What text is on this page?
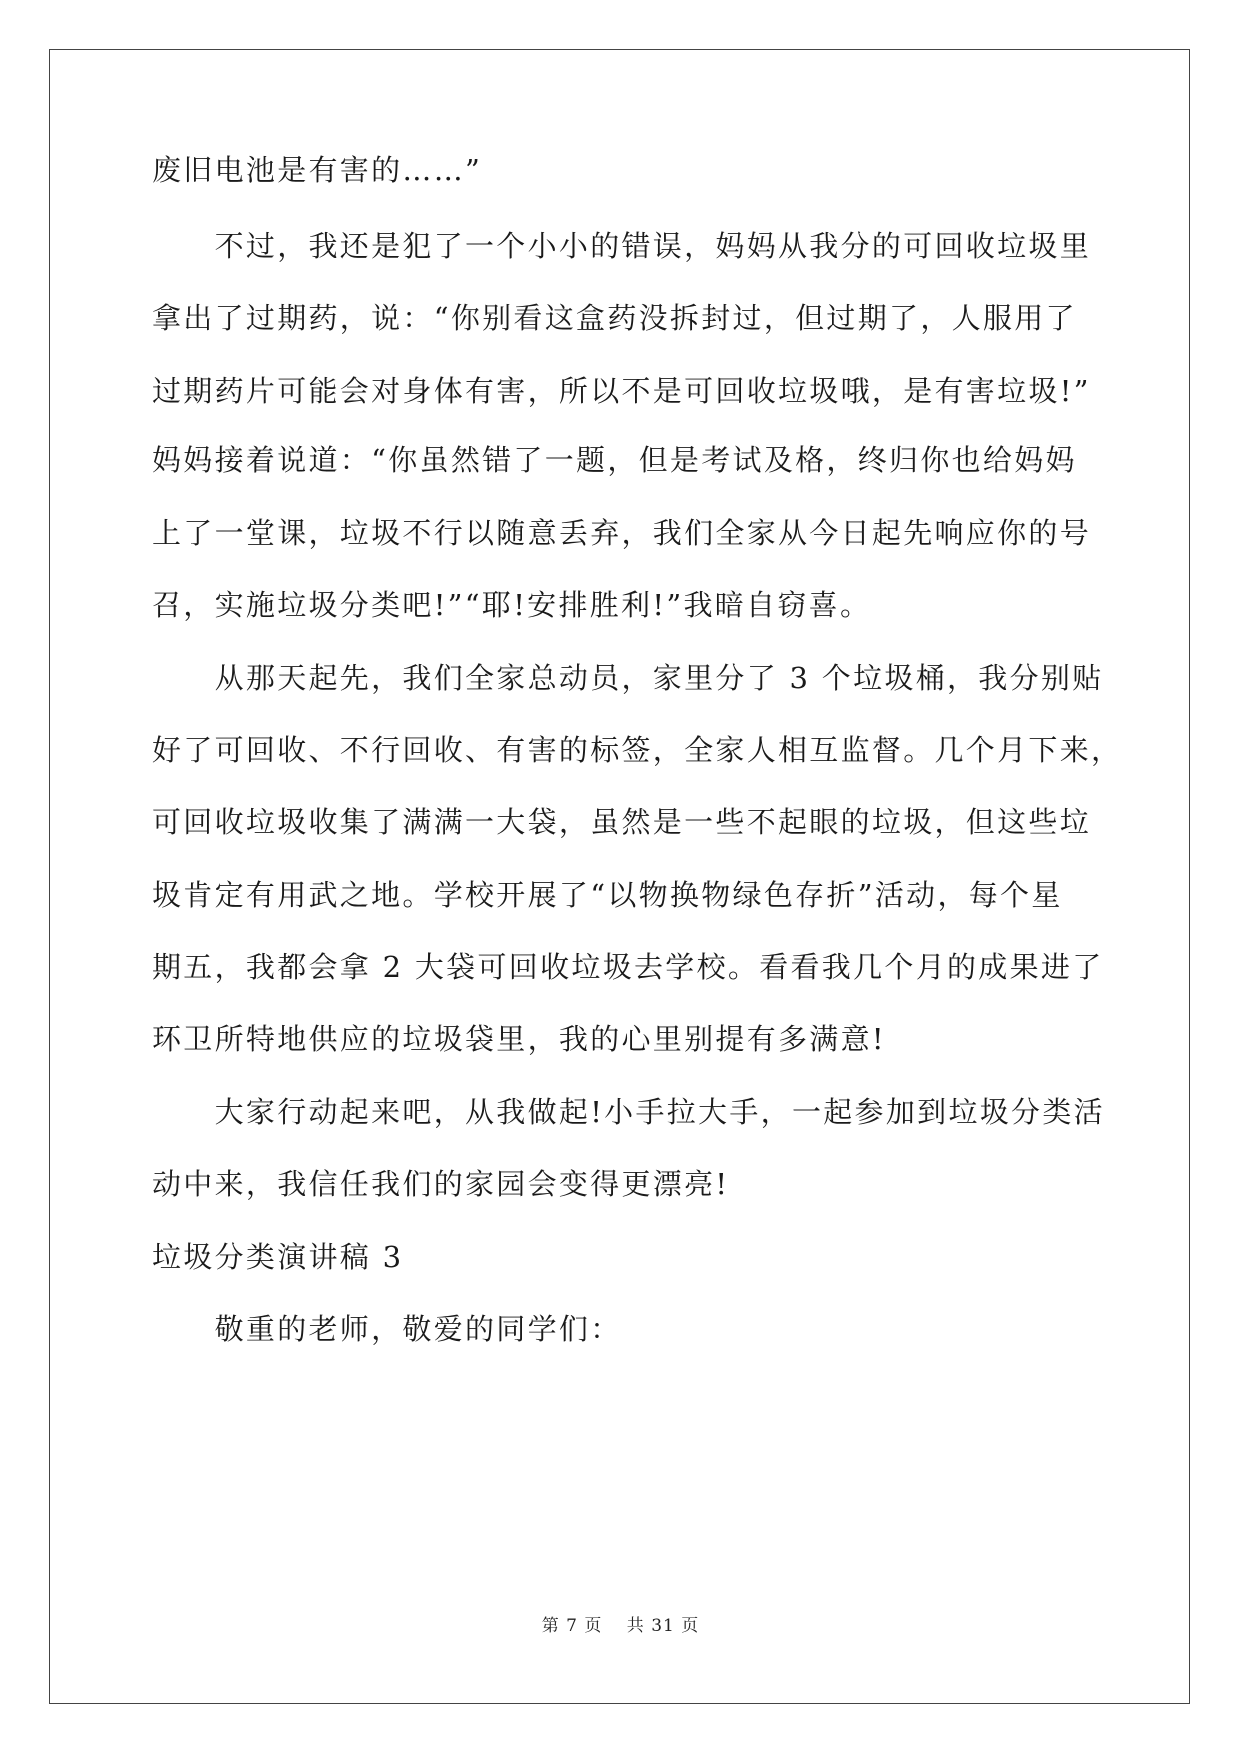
废旧电池是有害的……”
　　不过，我还是犯了一个小小的错误，妈妈从我分的可回收垃圾里
拿出了过期药，说：“你别看这盒药没拆封过，但过期了，人服用了
过期药片可能会对身体有害，所以不是可回收垃圾哦，是有害垃圾!”
妈妈接着说道：“你虽然错了一题，但是考试及格，终归你也给妈妈
上了一堂课，垃圾不行以随意丢弃，我们全家从今日起先响应你的号
召，实施垃圾分类吧!”“耶!安排胜利!”我暗自窃喜。
　　从那天起先，我们全家总动员，家里分了 3 个垃圾桶，我分别贴
好了可回收、不行回收、有害的标签，全家人相互监督。几个月下来，
可回收垃圾收集了满满一大袋，虽然是一些不起眼的垃圾，但这些垃
圾肯定有用武之地。学校开展了“以物换物绿色存折”活动，每个星
期五，我都会拿 2 大袋可回收垃圾去学校。看看我几个月的成果进了
环卫所特地供应的垃圾袋里，我的心里别提有多满意!
　　大家行动起来吧，从我做起!小手拉大手，一起参加到垃圾分类活
动中来，我信任我们的家园会变得更漂亮!
垃圾分类演讲稿 3
　　敬重的老师，敬爱的同学们：
第 7 页　 共 31 页
